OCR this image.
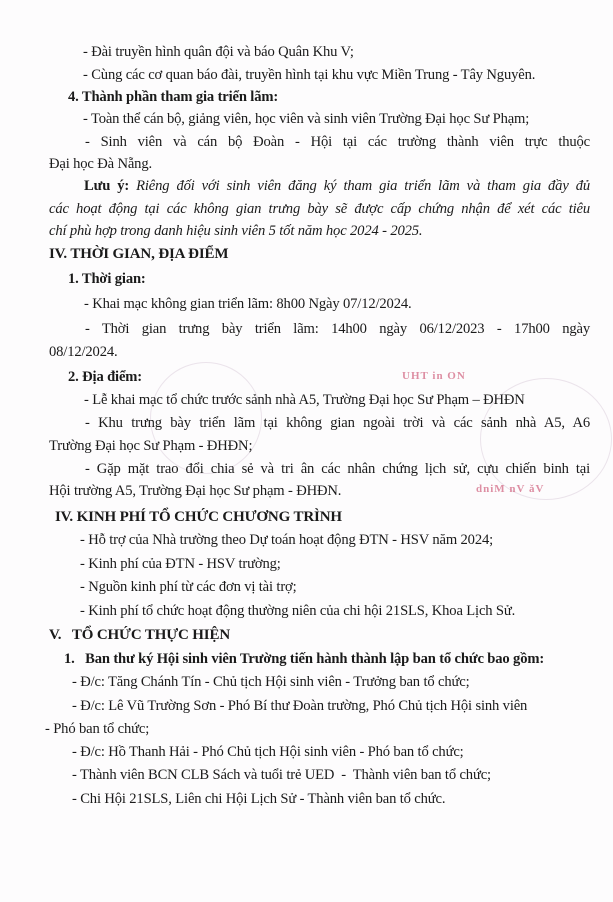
UHT in ON
dniM nV ǎV
- Đài truyền hình quân đội và báo Quân Khu V;
- Cùng các cơ quan báo đài, truyền hình tại khu vực Miền Trung - Tây Nguyên.
4. Thành phần tham gia triển lãm:
- Toàn thể cán bộ, giảng viên, học viên và sinh viên Trường Đại học Sư Phạm;
- Sinh viên và cán bộ Đoàn - Hội tại các trường thành viên trực thuộc
Đại học Đà Nẵng.
Lưu ý: Riêng đối với sinh viên đăng ký tham gia triển lãm và tham gia đầy đủ
các hoạt động tại các không gian trưng bày sẽ được cấp chứng nhận để xét các tiêu
chí phù hợp trong danh hiệu sinh viên 5 tốt năm học 2024 - 2025.
IV. THỜI GIAN, ĐỊA ĐIỂM
1. Thời gian:
- Khai mạc không gian triển lãm: 8h00 Ngày 07/12/2024.
- Thời gian trưng bày triển lãm: 14h00 ngày 06/12/2023 - 17h00 ngày
08/12/2024.
2. Địa điểm:
- Lễ khai mạc tổ chức trước sảnh nhà A5, Trường Đại học Sư Phạm – ĐHĐN
- Khu trưng bày triển lãm tại không gian ngoài trời và các sảnh nhà A5, A6
Trường Đại học Sư Phạm - ĐHĐN;
- Gặp mặt trao đổi chia sẻ và tri ân các nhân chứng lịch sử, cựu chiến binh tại
Hội trường A5, Trường Đại học Sư phạm - ĐHĐN.
IV. KINH PHÍ TỔ CHỨC CHƯƠNG TRÌNH
- Hỗ trợ của Nhà trường theo Dự toán hoạt động ĐTN - HSV năm 2024;
- Kinh phí của ĐTN - HSV trường;
- Nguồn kinh phí từ các đơn vị tài trợ;
- Kinh phí tổ chức hoạt động thường niên của chi hội 21SLS, Khoa Lịch Sử.
V.   TỔ CHỨC THỰC HIỆN
1.   Ban thư ký Hội sinh viên Trường tiến hành thành lập ban tổ chức bao gồm:
- Đ/c: Tăng Chánh Tín - Chủ tịch Hội sinh viên - Trưởng ban tổ chức;
- Đ/c: Lê Vũ Trường Sơn - Phó Bí thư Đoàn trường, Phó Chủ tịch Hội sinh viên
- Phó ban tổ chức;
- Đ/c: Hồ Thanh Hải - Phó Chủ tịch Hội sinh viên - Phó ban tổ chức;
- Thành viên BCN CLB Sách và tuổi trẻ UED  -  Thành viên ban tổ chức;
- Chi Hội 21SLS, Liên chi Hội Lịch Sử - Thành viên ban tổ chức.
